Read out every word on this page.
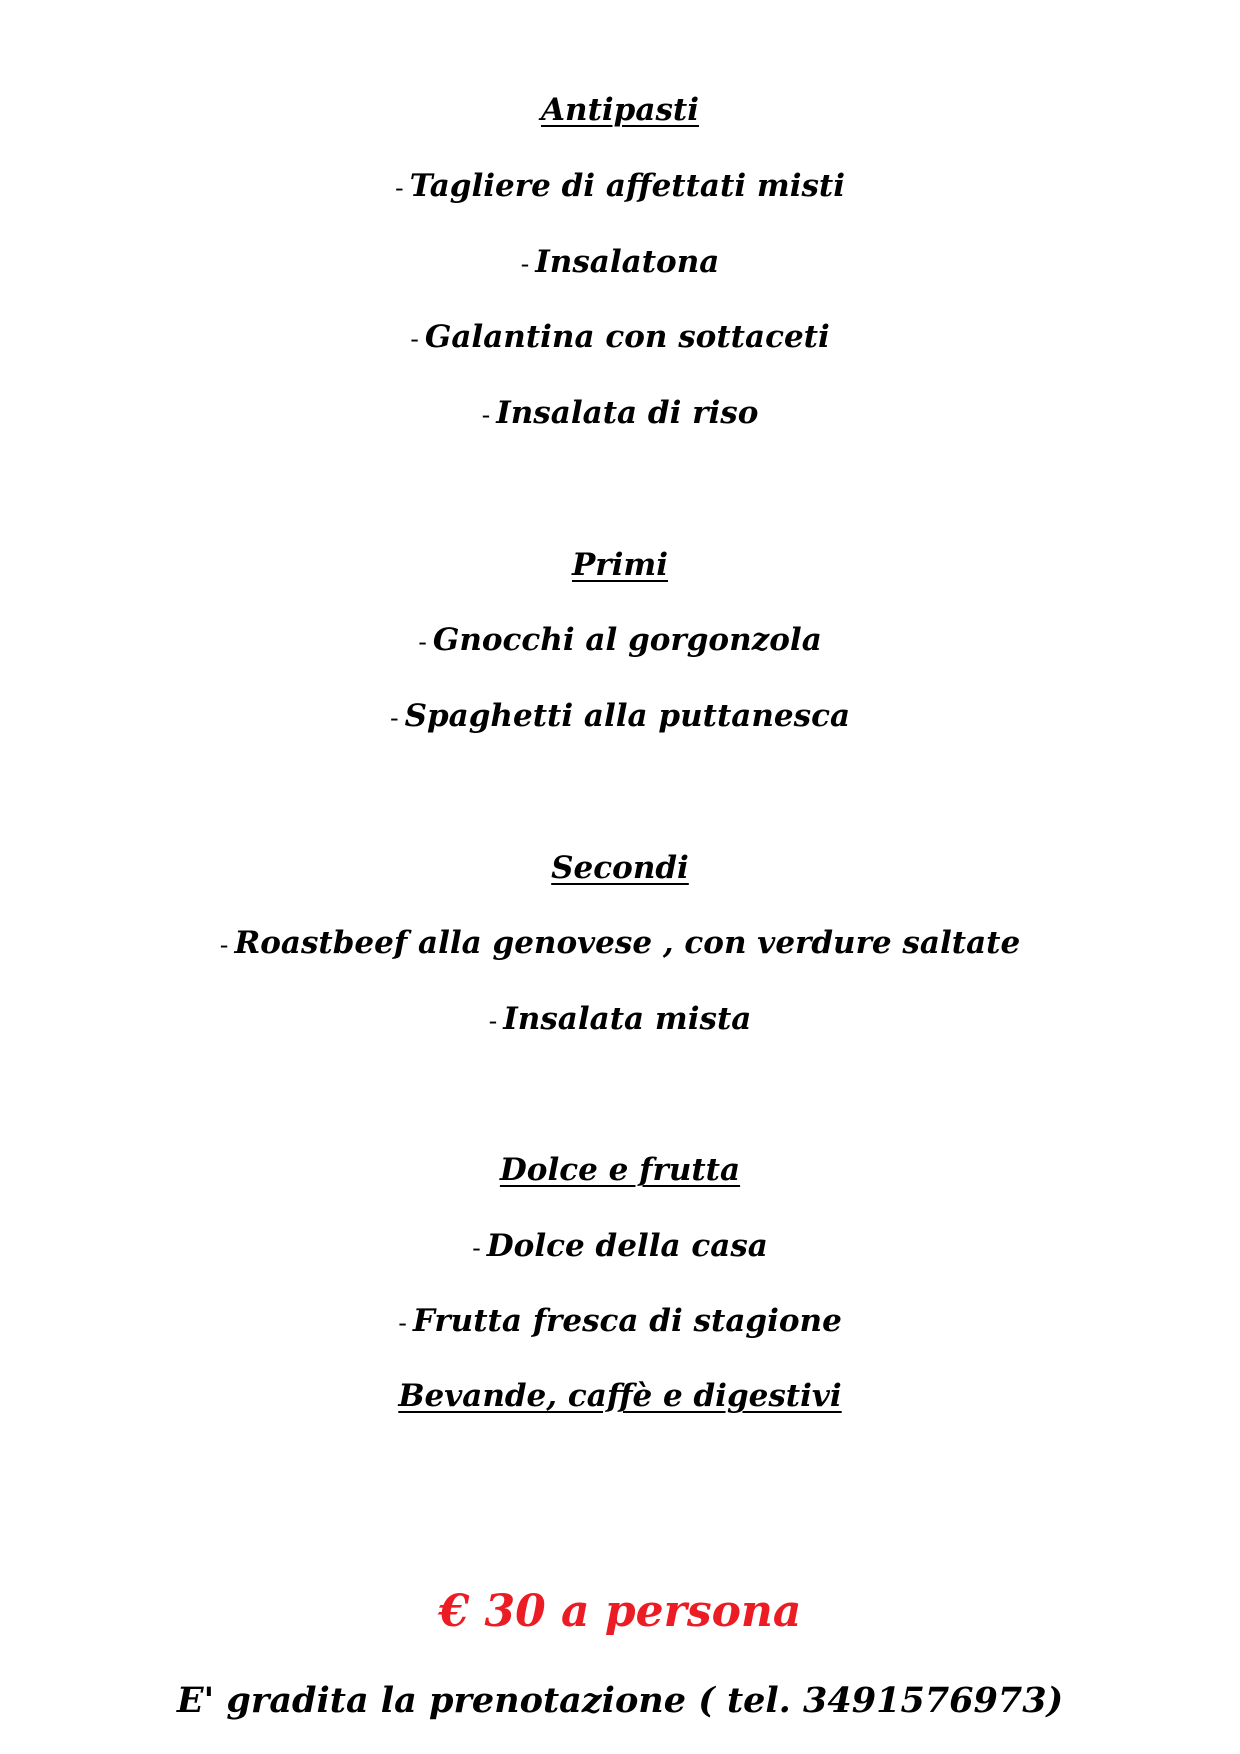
Antipasti
- Tagliere di affettati misti
- Insalatona
- Galantina con sottaceti
- Insalata di riso
Primi
- Gnocchi al gorgonzola
- Spaghetti alla puttanesca
Secondi
- Roastbeef alla genovese , con verdure saltate
- Insalata mista
Dolce e frutta
- Dolce della casa
- Frutta fresca di stagione
Bevande, caffè e digestivi
€ 30 a persona
E' gradita la prenotazione ( tel. 3491576973)
